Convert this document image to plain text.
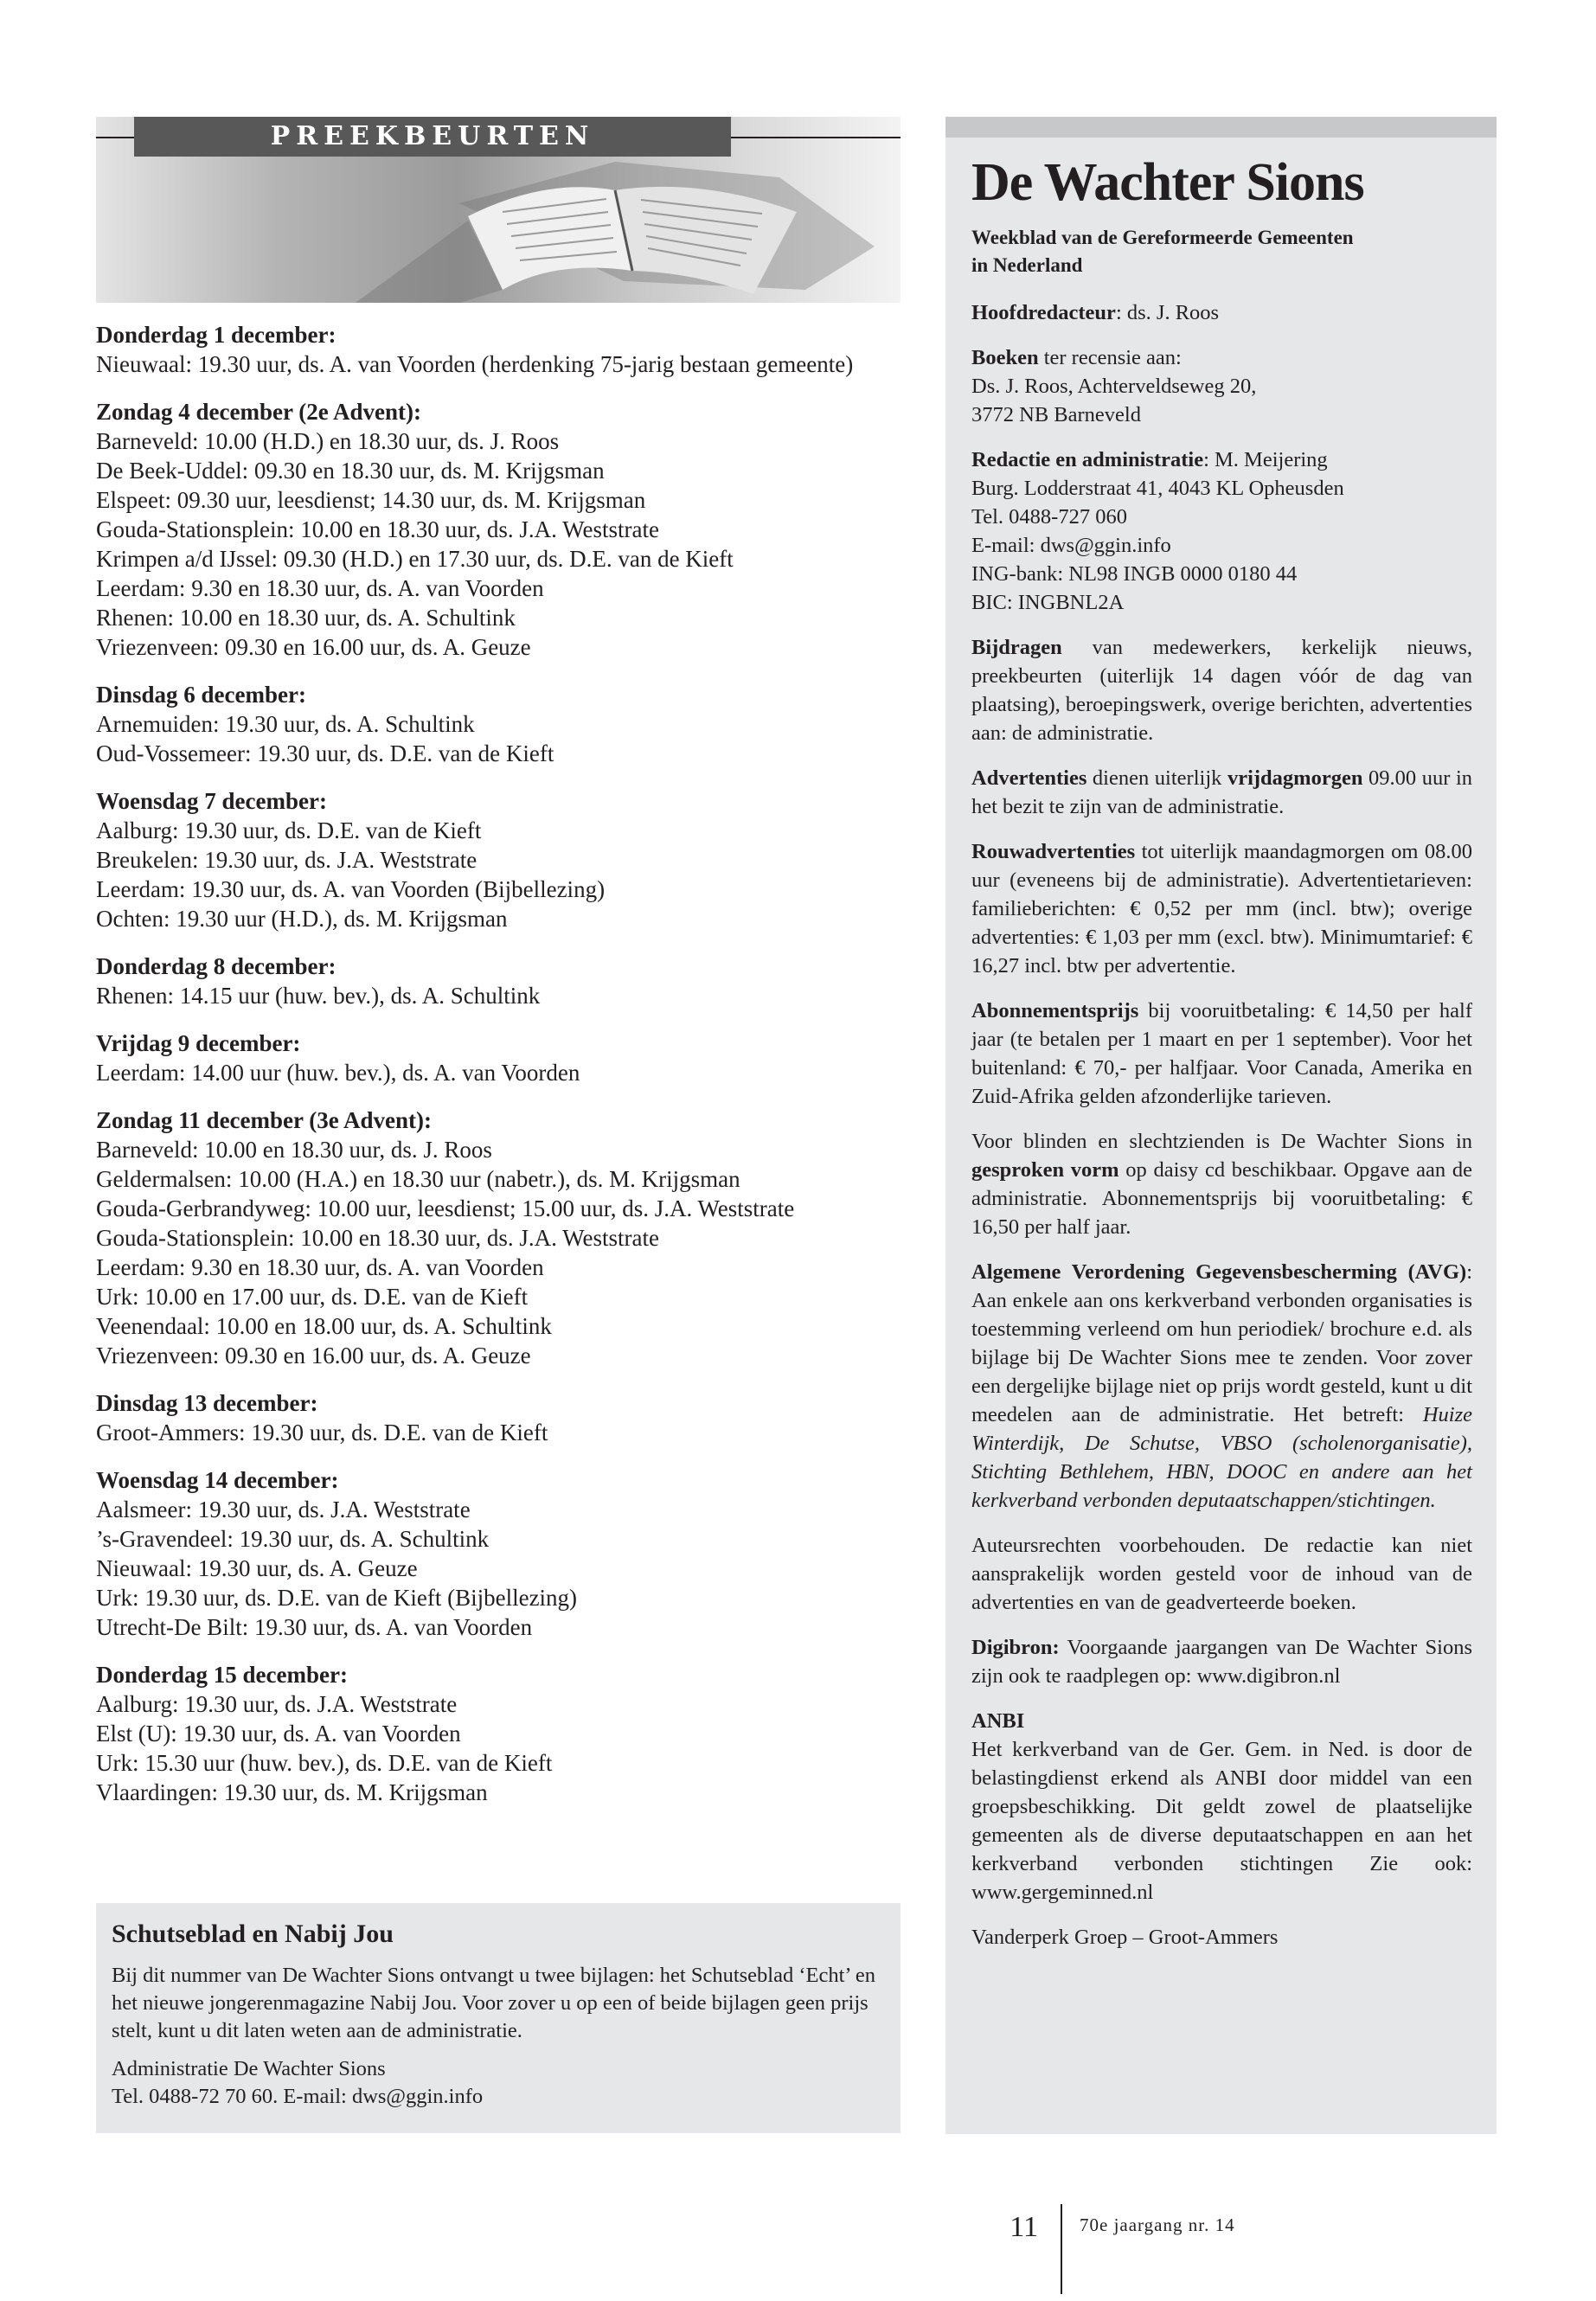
PREEKBEURTEN
Donderdag 1 december:

Nieuwaal: 19.30 uur, ds. A. van Voorden (herdenking 75-jarig bestaan gemeente)

Zondag 4 december (2e Advent):

Barneveld: 10.00 (H.D.) en 18.30 uur, ds. J. Roos

De Beek-Uddel: 09.30 en 18.30 uur, ds. M. Krijgsman

Elspeet: 09.30 uur, leesdienst; 14.30 uur, ds. M. Krijgsman

Gouda-Stationsplein: 10.00 en 18.30 uur, ds. J.A. Weststrate

Krimpen a/d IJssel: 09.30 (H.D.) en 17.30 uur, ds. D.E. van de Kieft

Leerdam: 9.30 en 18.30 uur, ds. A. van Voorden

Rhenen: 10.00 en 18.30 uur, ds. A. Schultink

Vriezenveen: 09.30 en 16.00 uur, ds. A. Geuze

Dinsdag 6 december:

Arnemuiden: 19.30 uur, ds. A. Schultink

Oud-Vossemeer: 19.30 uur, ds. D.E. van de Kieft

Woensdag 7 december:

Aalburg: 19.30 uur, ds. D.E. van de Kieft

Breukelen: 19.30 uur, ds. J.A. Weststrate

Leerdam: 19.30 uur, ds. A. van Voorden (Bijbellezing)

Ochten: 19.30 uur (H.D.), ds. M. Krijgsman

Donderdag 8 december:

Rhenen: 14.15 uur (huw. bev.), ds. A. Schultink

Vrijdag 9 december:

Leerdam: 14.00 uur (huw. bev.), ds. A. van Voorden

Zondag 11 december (3e Advent):

Barneveld: 10.00 en 18.30 uur, ds. J. Roos

Geldermalsen: 10.00 (H.A.) en 18.30 uur (nabetr.), ds. M. Krijgsman

Gouda-Gerbrandyweg: 10.00 uur, leesdienst; 15.00 uur, ds. J.A. Weststrate

Gouda-Stationsplein: 10.00 en 18.30 uur, ds. J.A. Weststrate

Leerdam: 9.30 en 18.30 uur, ds. A. van Voorden

Urk: 10.00 en 17.00 uur, ds. D.E. van de Kieft

Veenendaal: 10.00 en 18.00 uur, ds. A. Schultink

Vriezenveen: 09.30 en 16.00 uur, ds. A. Geuze

Dinsdag 13 december:

Groot-Ammers: 19.30 uur, ds. D.E. van de Kieft

Woensdag 14 december:

Aalsmeer: 19.30 uur, ds. J.A. Weststrate

’s-Gravendeel: 19.30 uur, ds. A. Schultink

Nieuwaal: 19.30 uur, ds. A. Geuze

Urk: 19.30 uur, ds. D.E. van de Kieft (Bijbellezing)

Utrecht-De Bilt: 19.30 uur, ds. A. van Voorden

Donderdag 15 december:

Aalburg: 19.30 uur, ds. J.A. Weststrate

Elst (U): 19.30 uur, ds. A. van Voorden

Urk: 15.30 uur (huw. bev.), ds. D.E. van de Kieft

Vlaardingen: 19.30 uur, ds. M. Krijgsman

Schutseblad en Nabij Jou

Bij dit nummer van De Wachter Sions ontvangt u twee bijlagen: het Schutseblad ‘Echt’ en het nieuwe jongerenmagazine Nabij Jou. Voor zover u op een of beide bijlagen geen prijs stelt, kunt u dit laten weten aan de administratie.

Administratie De Wachter Sions
Tel. 0488-72 70 60. E-mail: dws@ggin.info

De Wachter Sions
Weekblad van de Gereformeerde Gemeenten
in Nederland

Hoofdredacteur: ds. J. Roos

Boeken ter recensie aan:
Ds. J. Roos, Achterveldseweg 20,
3772 NB Barneveld

Redactie en administratie: M. Meijering
Burg. Lodderstraat 41, 4043 KL Opheusden
Tel. 0488-727 060
E-mail: dws@ggin.info
ING-bank: NL98 INGB 0000 0180 44
BIC: INGBNL2A

Bijdragen van medewerkers, kerkelijk nieuws, preekbeurten (uiterlijk 14 dagen vóór de dag van plaatsing), beroepingswerk, overige berichten, advertenties aan: de administratie.

Advertenties dienen uiterlijk vrijdagmorgen 09.00 uur in het bezit te zijn van de administratie.

Rouwadvertenties tot uiterlijk maandagmorgen om 08.00 uur (eveneens bij de administratie). Advertentietarieven: familieberichten: € 0,52 per mm (incl. btw); overige advertenties: € 1,03 per mm (excl. btw). Minimumtarief: € 16,27 incl. btw per advertentie.

Abonnementsprijs bij vooruitbetaling: € 14,50 per half jaar (te betalen per 1 maart en per 1 september). Voor het buitenland: € 70,- per halfjaar. Voor Canada, Amerika en Zuid-Afrika gelden afzonderlijke tarieven.

Voor blinden en slechtzienden is De Wachter Sions in gesproken vorm op daisy cd beschikbaar. Opgave aan de administratie. Abonnementsprijs bij vooruitbetaling: € 16,50 per half jaar.

Algemene Verordening Gegevensbescherming (AVG): Aan enkele aan ons kerkverband verbonden organisaties is toestemming verleend om hun periodiek/ brochure e.d. als bijlage bij De Wachter Sions mee te zenden. Voor zover een dergelijke bijlage niet op prijs wordt gesteld, kunt u dit meedelen aan de administratie. Het betreft: Huize Winterdijk, De Schutse, VBSO (scholenorganisatie), Stichting Bethlehem, HBN, DOOC en andere aan het kerkverband verbonden deputaatschappen/stichtingen.

Auteursrechten voorbehouden. De redactie kan niet aansprakelijk worden gesteld voor de inhoud van de advertenties en van de geadverteerde boeken.

Digibron: Voorgaande jaargangen van De Wachter Sions zijn ook te raadplegen op: www.digibron.nl

ANBI
Het kerkverband van de Ger. Gem. in Ned. is door de belastingdienst erkend als ANBI door middel van een groepsbeschikking. Dit geldt zowel de plaatselijke gemeenten als de diverse deputaatschappen en aan het kerkverband verbonden stichtingen Zie ook: www.gergeminned.nl

Vanderperk Groep – Groot-Ammers

11 70e jaargang nr. 14
